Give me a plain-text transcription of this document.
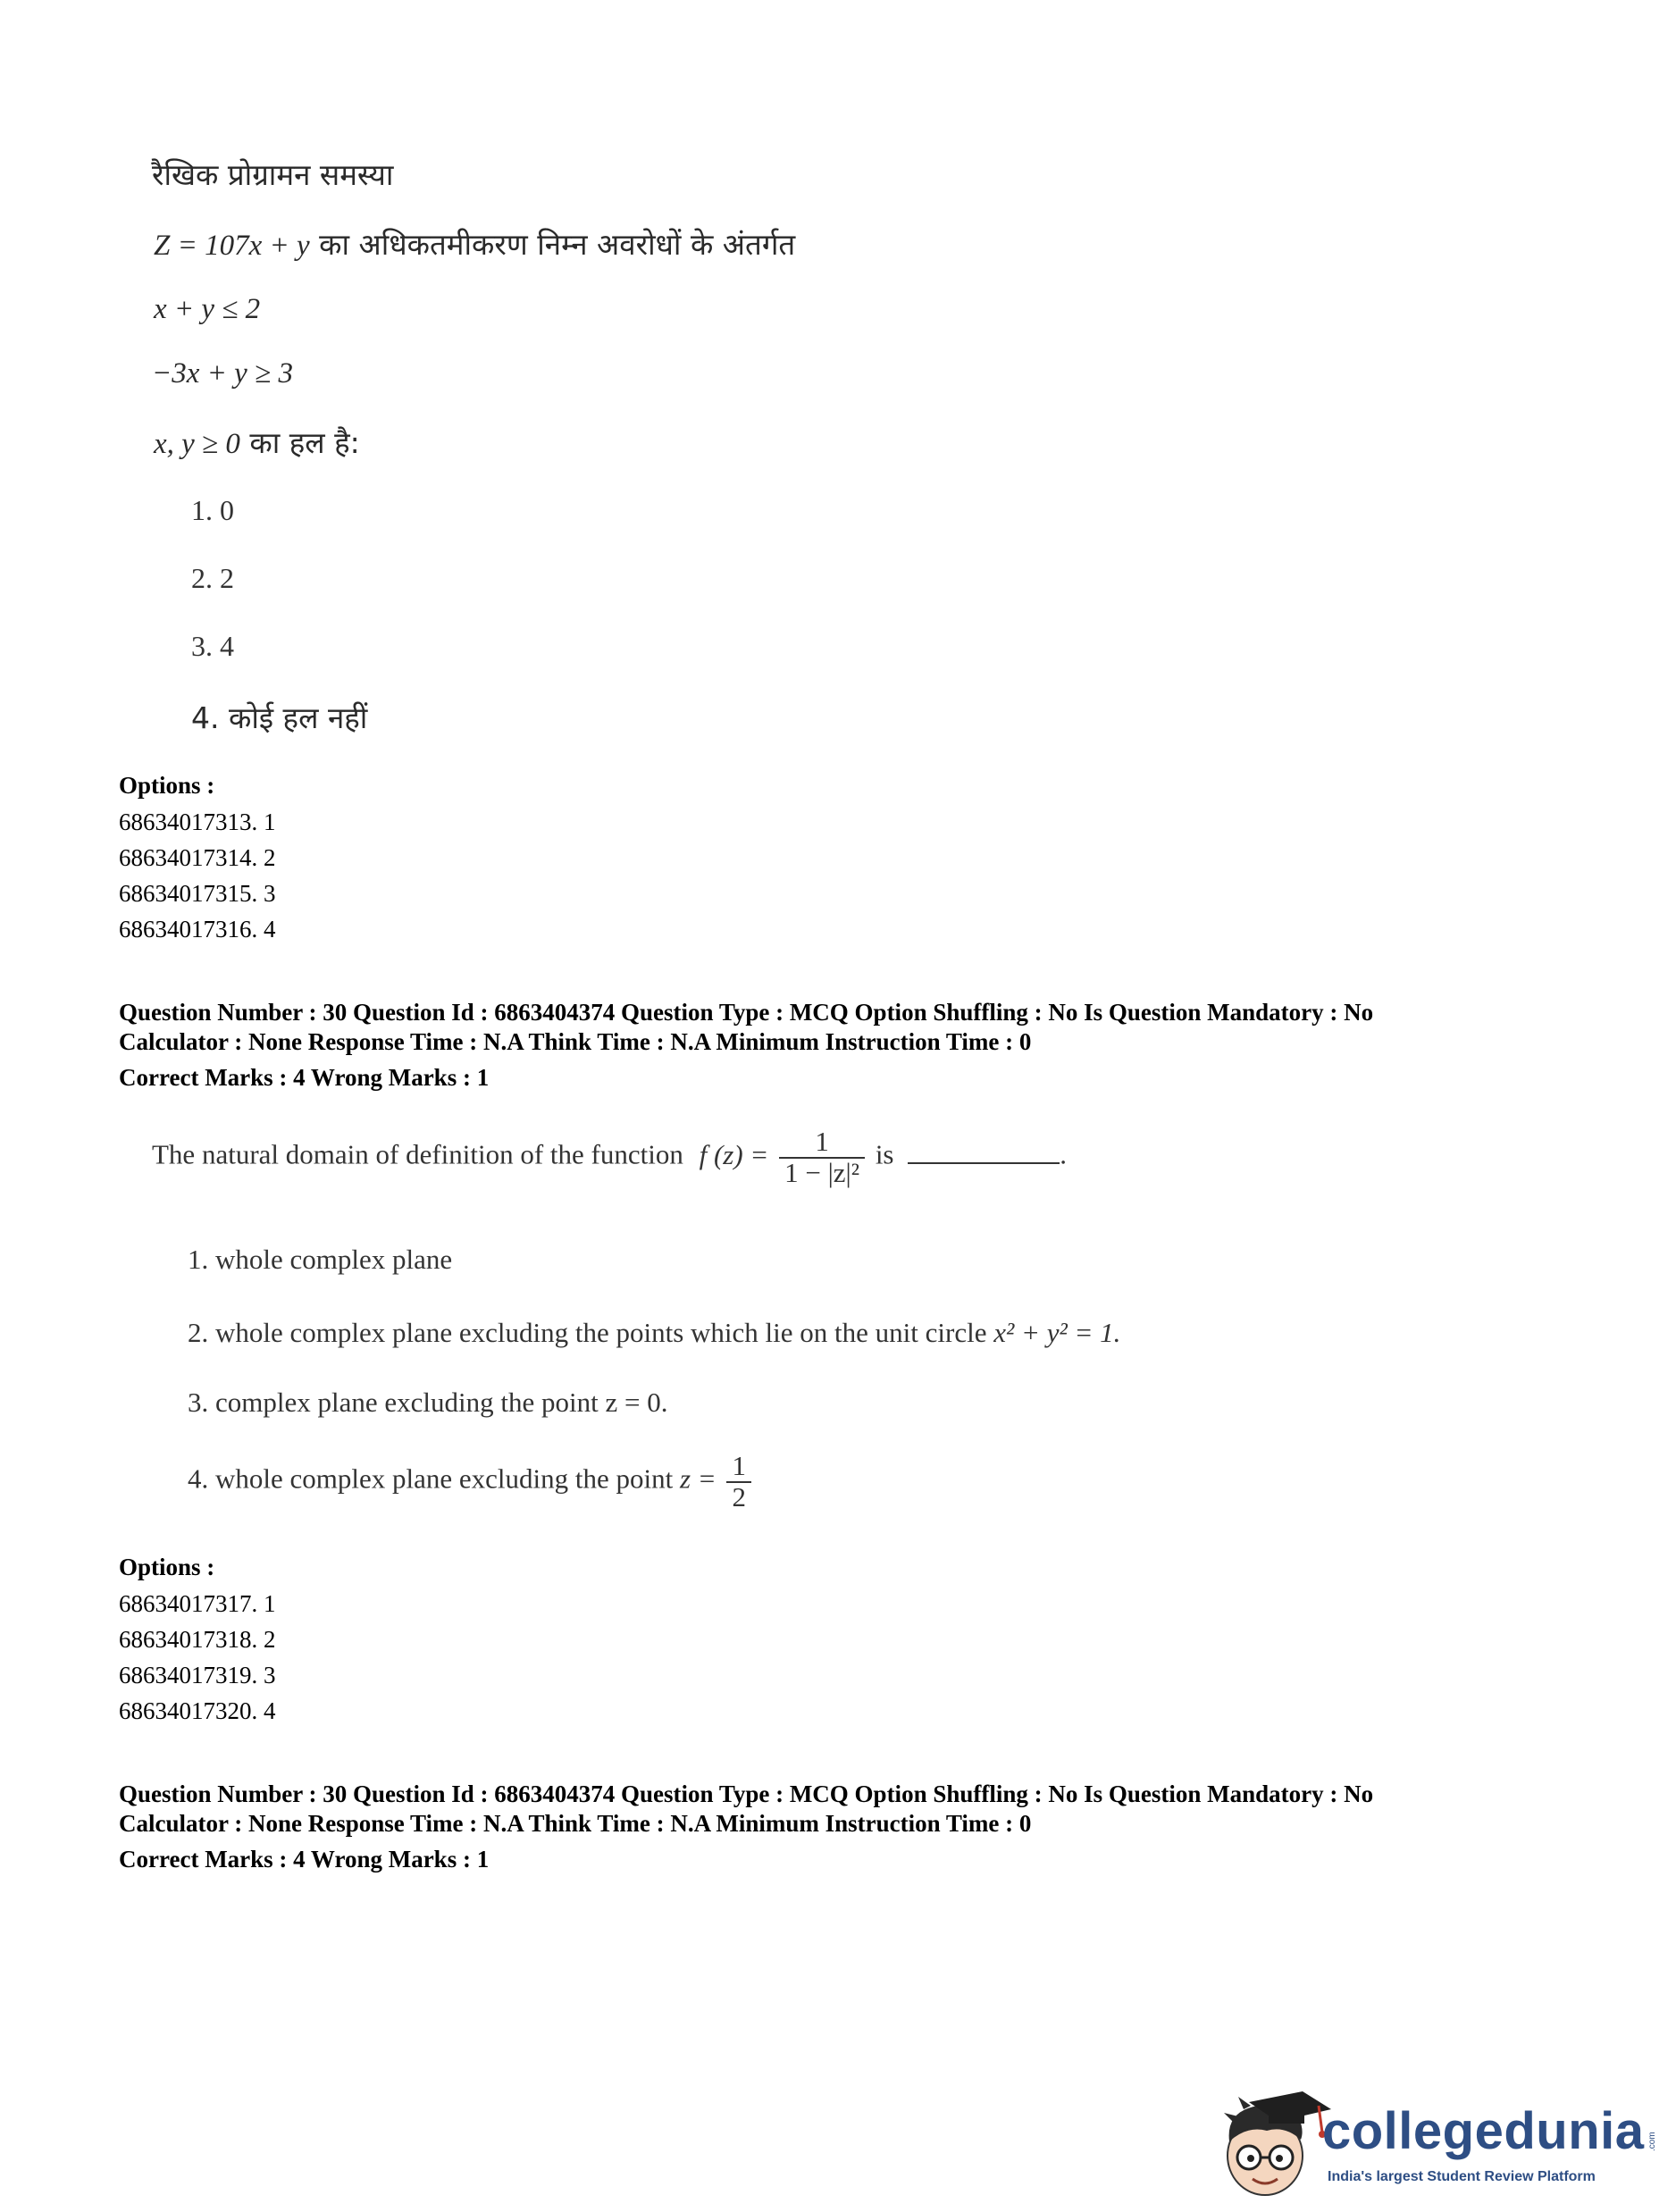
रैखिक प्रोग्रामन समस्या
Z = 107x + y का अधिकतमीकरण निम्न अवरोधों के अंतर्गत
x + y ≤ 2
−3x + y ≥ 3
x, y ≥ 0 का हल है:
1. 0
2. 2
3. 4
4. कोई हल नहीं
Options :
68634017313. 1
68634017314. 2
68634017315. 3
68634017316. 4
Question Number : 30 Question Id : 6863404374 Question Type : MCQ Option Shuffling : No Is Question Mandatory : No
Calculator : None Response Time : N.A Think Time : N.A Minimum Instruction Time : 0
Correct Marks : 4 Wrong Marks : 1
The natural domain of definition of the function f $(z) = \frac{1}{\text{1 − |z|²}}$ is	.
1. whole complex plane
2. whole complex plane excluding the points which lie on the unit circle x² + y² = 1.
3. complex plane excluding the point z = 0.
4. whole complex plane excluding the point $z = \frac{1}{2}$
Options :
68634017317. 1
68634017318. 2
68634017319. 3
68634017320. 4
Question Number : 30 Question Id : 6863404374 Question Type : MCQ Option Shuffling : No Is Question Mandatory : No
Calculator : None Response Time : N.A Think Time : N.A Minimum Instruction Time : 0
Correct Marks : 4 Wrong Marks : 1
collegedunia .com
India's largest Student Review Platform
